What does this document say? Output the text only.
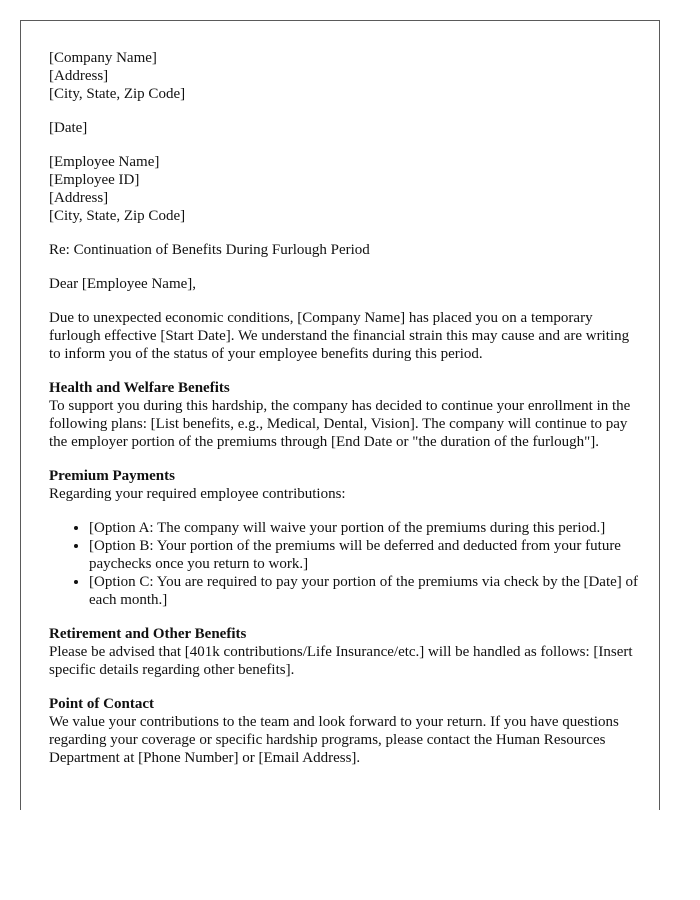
[Company Name]
[Address]
[City, State, Zip Code]
[Date]
[Employee Name]
[Employee ID]
[Address]
[City, State, Zip Code]

Re: Continuation of Benefits During Furlough Period

Dear [Employee Name],

Due to unexpected economic conditions, [Company Name] has placed you on a temporary furlough effective [Start Date]. We understand the financial strain this may cause and are writing to inform you of the status of your employee benefits during this period.

Health and Welfare Benefits

To support you during this hardship, the company has decided to continue your enrollment in the following plans: [List benefits, e.g., Medical, Dental, Vision]. The company will continue to pay the employer portion of the premiums through [End Date or "the duration of the furlough"].

Premium Payments

Regarding your required employee contributions:

• [Option A: The company will waive your portion of the premiums during this period.]
• [Option B: Your portion of the premiums will be deferred and deducted from your future paychecks once you return to work.]
• [Option C: You are required to pay your portion of the premiums via check by the [Date] of each month.]
Retirement and Other Benefits

Please be advised that [401k contributions/Life Insurance/etc.] will be handled as follows: [Insert specific details regarding other benefits].

Point of Contact

We value your contributions to the team and look forward to your return. If you have questions regarding your coverage or specific hardship programs, please contact the Human Resources Department at [Phone Number] or [Email Address].
